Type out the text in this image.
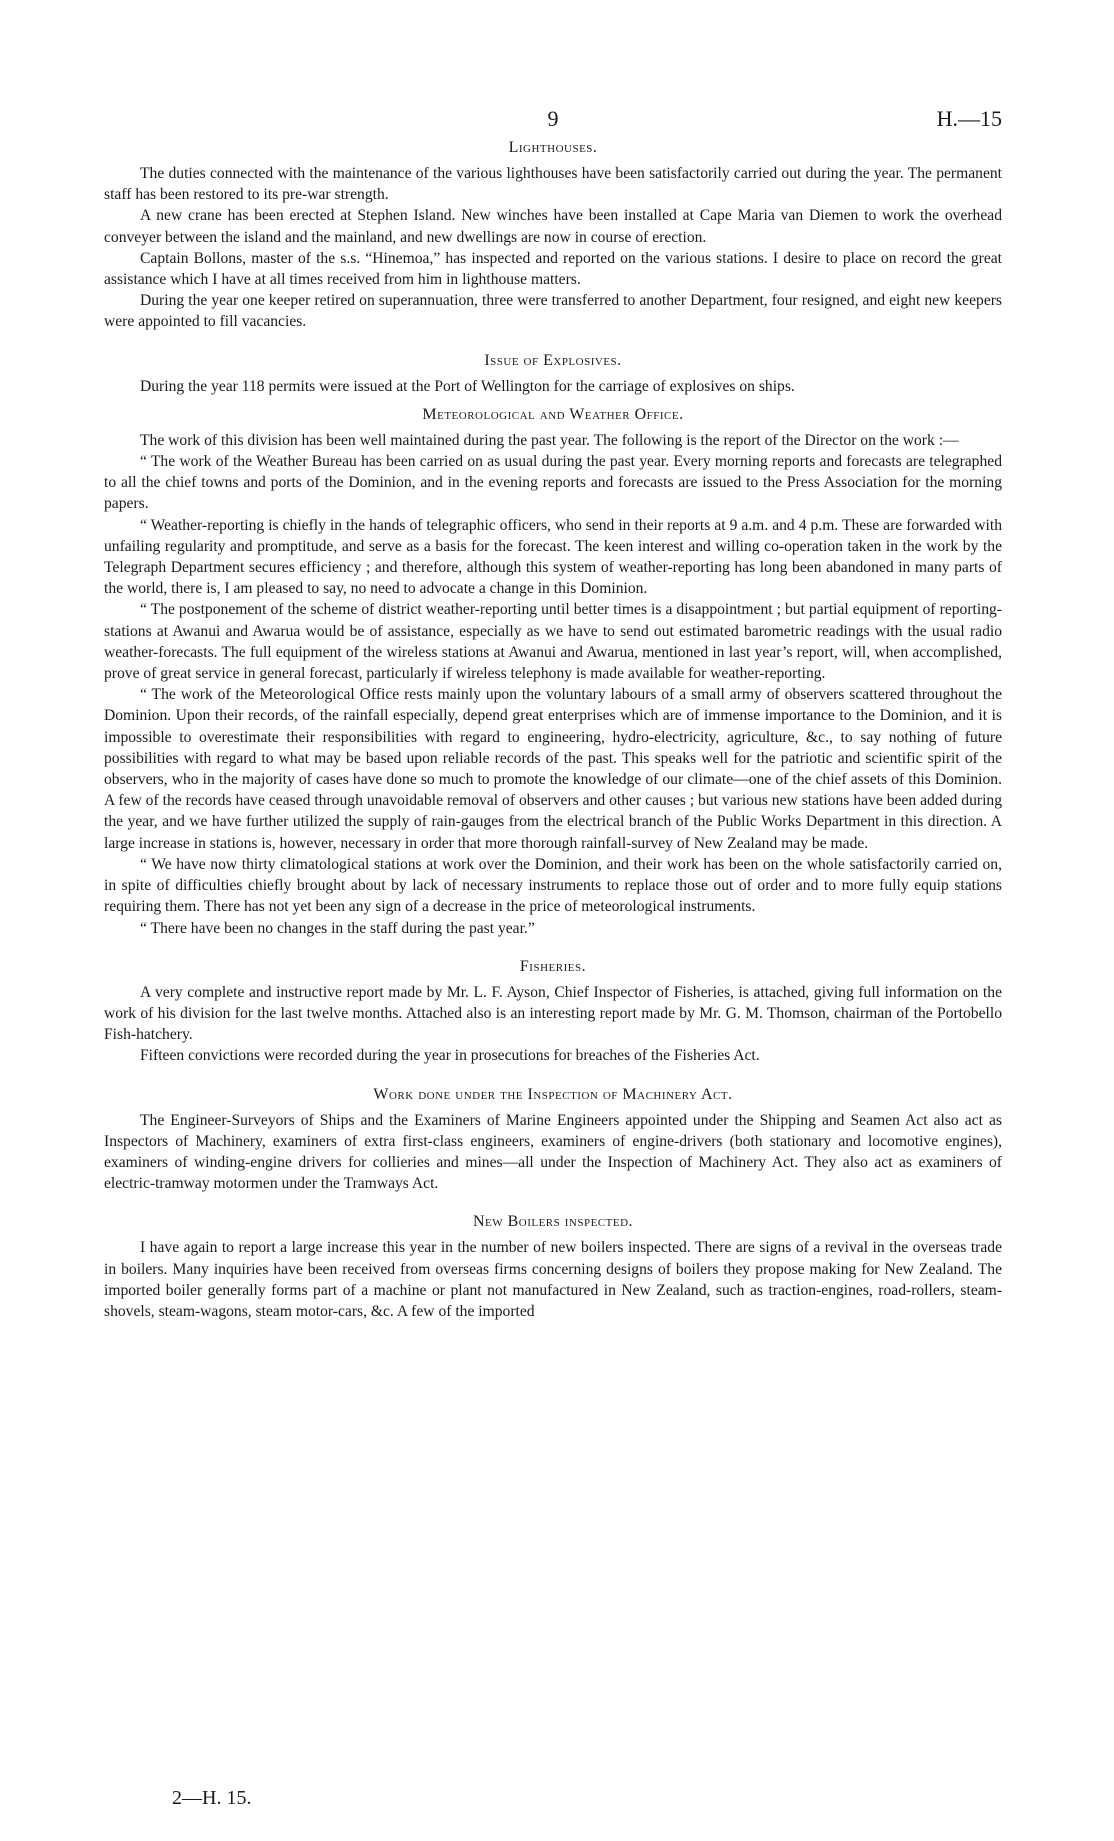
9	H.—15
Lighthouses.

The duties connected with the maintenance of the various lighthouses have been satisfactorily carried out during the year. The permanent staff has been restored to its pre-war strength.

A new crane has been erected at Stephen Island. New winches have been installed at Cape Maria van Diemen to work the overhead conveyer between the island and the mainland, and new dwellings are now in course of erection.

Captain Bollons, master of the s.s. “Hinemoa,” has inspected and reported on the various stations. I desire to place on record the great assistance which I have at all times received from him in lighthouse matters.

During the year one keeper retired on superannuation, three were transferred to another Department, four resigned, and eight new keepers were appointed to fill vacancies.

Issue of Explosives.

During the year 118 permits were issued at the Port of Wellington for the carriage of explosives on ships.

Meteorological and Weather Office.

The work of this division has been well maintained during the past year. The following is the report of the Director on the work :—

“ The work of the Weather Bureau has been carried on as usual during the past year. Every morning reports and forecasts are telegraphed to all the chief towns and ports of the Dominion, and in the evening reports and forecasts are issued to the Press Association for the morning papers.

“ Weather-reporting is chiefly in the hands of telegraphic officers, who send in their reports at 9 a.m. and 4 p.m. These are forwarded with unfailing regularity and promptitude, and serve as a basis for the forecast. The keen interest and willing co-operation taken in the work by the Telegraph Department secures efficiency ; and therefore, although this system of weather-reporting has long been abandoned in many parts of the world, there is, I am pleased to say, no need to advocate a change in this Dominion.

“ The postponement of the scheme of district weather-reporting until better times is a disappointment ; but partial equipment of reporting-stations at Awanui and Awarua would be of assistance, especially as we have to send out estimated barometric readings with the usual radio weather-forecasts. The full equipment of the wireless stations at Awanui and Awarua, mentioned in last year’s report, will, when accomplished, prove of great service in general forecast, particularly if wireless telephony is made available for weather-reporting.

“ The work of the Meteorological Office rests mainly upon the voluntary labours of a small army of observers scattered throughout the Dominion. Upon their records, of the rainfall especially, depend great enterprises which are of immense importance to the Dominion, and it is impossible to overestimate their responsibilities with regard to engineering, hydro-electricity, agriculture, &c., to say nothing of future possibilities with regard to what may be based upon reliable records of the past. This speaks well for the patriotic and scientific spirit of the observers, who in the majority of cases have done so much to promote the knowledge of our climate—one of the chief assets of this Dominion. A few of the records have ceased through unavoidable removal of observers and other causes ; but various new stations have been added during the year, and we have further utilized the supply of rain-gauges from the electrical branch of the Public Works Department in this direction. A large increase in stations is, however, necessary in order that more thorough rainfall-survey of New Zealand may be made.

“ We have now thirty climatological stations at work over the Dominion, and their work has been on the whole satisfactorily carried on, in spite of difficulties chiefly brought about by lack of necessary instruments to replace those out of order and to more fully equip stations requiring them. There has not yet been any sign of a decrease in the price of meteorological instruments.

“ There have been no changes in the staff during the past year.”

Fisheries.

A very complete and instructive report made by Mr. L. F. Ayson, Chief Inspector of Fisheries, is attached, giving full information on the work of his division for the last twelve months. Attached also is an interesting report made by Mr. G. M. Thomson, chairman of the Portobello Fish-hatchery.

Fifteen convictions were recorded during the year in prosecutions for breaches of the Fisheries Act.

Work done under the Inspection of Machinery Act.

The Engineer-Surveyors of Ships and the Examiners of Marine Engineers appointed under the Shipping and Seamen Act also act as Inspectors of Machinery, examiners of extra first-class engineers, examiners of engine-drivers (both stationary and locomotive engines), examiners of winding-engine drivers for collieries and mines—all under the Inspection of Machinery Act. They also act as examiners of electric-tramway motormen under the Tramways Act.

New Boilers inspected.

I have again to report a large increase this year in the number of new boilers inspected. There are signs of a revival in the overseas trade in boilers. Many inquiries have been received from overseas firms concerning designs of boilers they propose making for New Zealand. The imported boiler generally forms part of a machine or plant not manufactured in New Zealand, such as traction-engines, road-rollers, steam-shovels, steam-wagons, steam motor-cars, &c. A few of the imported

2—H. 15.
